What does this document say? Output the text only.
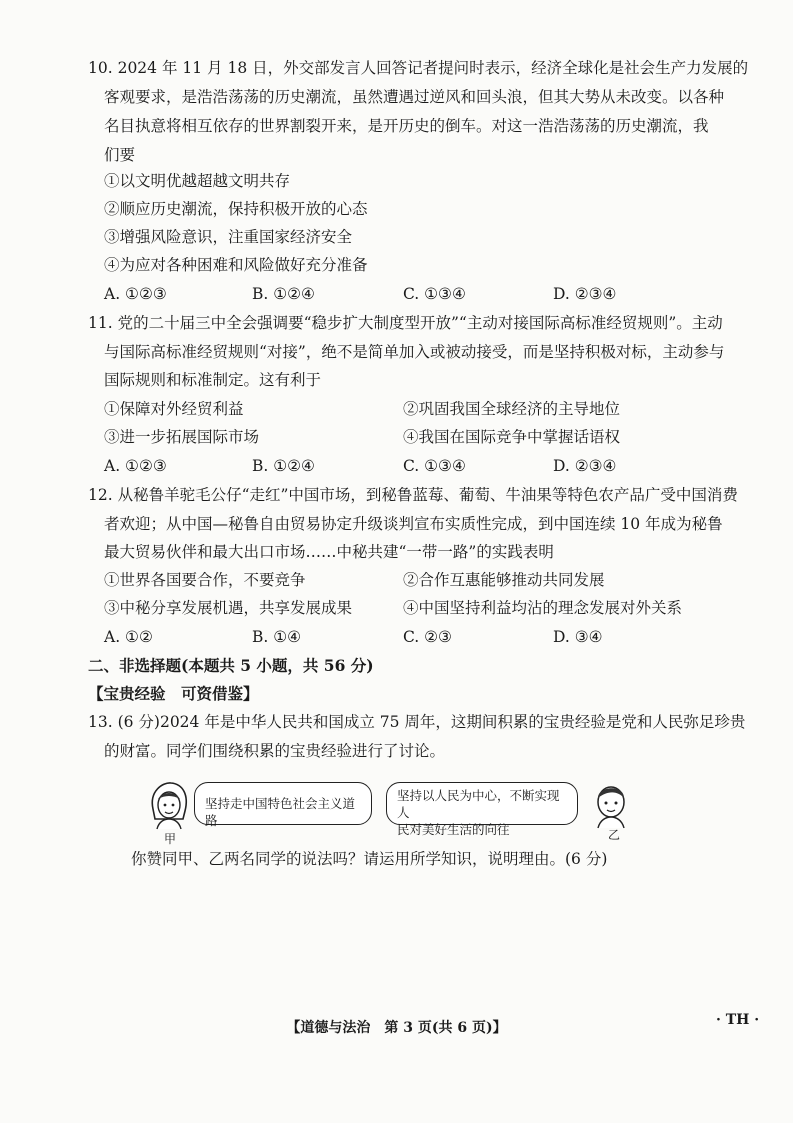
10. 2024 年 11 月 18 日，外交部发言人回答记者提问时表示，经济全球化是社会生产力发展的
客观要求，是浩浩荡荡的历史潮流，虽然遭遇过逆风和回头浪，但其大势从未改变。以各种
名目执意将相互依存的世界割裂开来，是开历史的倒车。对这一浩浩荡荡的历史潮流，我
们要
①以文明优越超越文明共存
②顺应历史潮流，保持积极开放的心态
③增强风险意识，注重国家经济安全
④为应对各种困难和风险做好充分准备
A. ①②③	B. ①②④	C. ①③④	D. ②③④
11. 党的二十届三中全会强调要“稳步扩大制度型开放”“主动对接国际高标准经贸规则”。主动
与国际高标准经贸规则“对接”，绝不是简单加入或被动接受，而是坚持积极对标，主动参与
国际规则和标准制定。这有利于
①保障对外经贸利益	②巩固我国全球经济的主导地位
③进一步拓展国际市场	④我国在国际竞争中掌握话语权
A. ①②③	B. ①②④	C. ①③④	D. ②③④
12. 从秘鲁羊驼毛公仔“走红”中国市场，到秘鲁蓝莓、葡萄、牛油果等特色农产品广受中国消费
者欢迎；从中国—秘鲁自由贸易协定升级谈判宣布实质性完成，到中国连续 10 年成为秘鲁
最大贸易伙伴和最大出口市场……中秘共建“一带一路”的实践表明
①世界各国要合作，不要竞争	②合作互惠能够推动共同发展
③中秘分享发展机遇，共享发展成果	④中国坚持利益均沾的理念发展对外关系
A. ①②	B. ①④	C. ②③	D. ③④
二、非选择题(本题共 5 小题，共 56 分)
【宝贵经验　可资借鉴】
13. (6 分)2024 年是中华人民共和国成立 75 周年，这期间积累的宝贵经验是党和人民弥足珍贵
的财富。同学们围绕积累的宝贵经验进行了讨论。
甲
坚持走中国特色社会主义道路
坚持以人民为中心，不断实现人
民对美好生活的向往	乙
你赞同甲、乙两名同学的说法吗？请运用所学知识，说明理由。(6 分)
【道德与法治　第 3 页(共 6 页)】	· TH ·
